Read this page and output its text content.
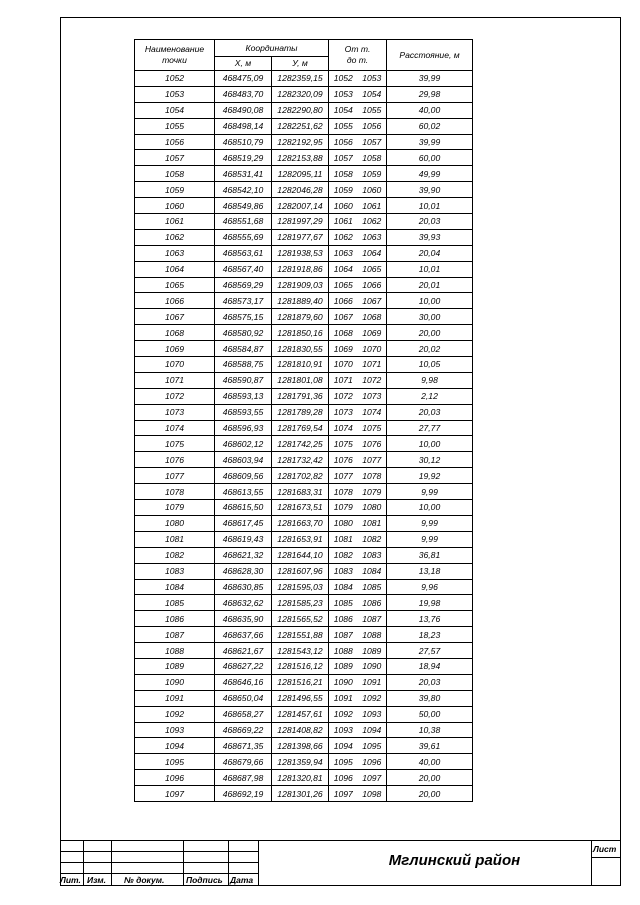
Наименование точки	Координаты		От т. до т.		Расстояние, м
	Х, м	У, м			
1052	468475,09	1282359,15	1052	1053	39,99
1053	468483,70	1282320,09	1053	1054	29,98
1054	468490,08	1282290,80	1054	1055	40,00
1055	468498,14	1282251,62	1055	1056	60,02
1056	468510,79	1282192,95	1056	1057	39,99
1057	468519,29	1282153,88	1057	1058	60,00
1058	468531,41	1282095,11	1058	1059	49,99
1059	468542,10	1282046,28	1059	1060	39,90
1060	468549,86	1282007,14	1060	1061	10,01
1061	468551,68	1281997,29	1061	1062	20,03
1062	468555,69	1281977,67	1062	1063	39,93
1063	468563,61	1281938,53	1063	1064	20,04
1064	468567,40	1281918,86	1064	1065	10,01
1065	468569,29	1281909,03	1065	1066	20,01
1066	468573,17	1281889,40	1066	1067	10,00
1067	468575,15	1281879,60	1067	1068	30,00
1068	468580,92	1281850,16	1068	1069	20,00
1069	468584,87	1281830,55	1069	1070	20,02
1070	468588,75	1281810,91	1070	1071	10,05
1071	468590,87	1281801,08	1071	1072	9,98
1072	468593,13	1281791,36	1072	1073	2,12
1073	468593,55	1281789,28	1073	1074	20,03
1074	468596,93	1281769,54	1074	1075	27,77
1075	468602,12	1281742,25	1075	1076	10,00
1076	468603,94	1281732,42	1076	1077	30,12
1077	468609,56	1281702,82	1077	1078	19,92
1078	468613,55	1281683,31	1078	1079	9,99
1079	468615,50	1281673,51	1079	1080	10,00
1080	468617,45	1281663,70	1080	1081	9,99
1081	468619,43	1281653,91	1081	1082	9,99
1082	468621,32	1281644,10	1082	1083	36,81
1083	468628,30	1281607,96	1083	1084	13,18
1084	468630,85	1281595,03	1084	1085	9,96
1085	468632,62	1281585,23	1085	1086	19,98
1086	468635,90	1281565,52	1086	1087	13,76
1087	468637,66	1281551,88	1087	1088	18,23
1088	468621,67	1281543,12	1088	1089	27,57
1089	468627,22	1281516,12	1089	1090	18,94
1090	468646,16	1281516,21	1090	1091	20,03
1091	468650,04	1281496,55	1091	1092	39,80
1092	468658,27	1281457,61	1092	1093	50,00
1093	468669,22	1281408,82	1093	1094	10,38
1094	468671,35	1281398,66	1094	1095	39,61
1095	468679,66	1281359,94	1095	1096	40,00
1096	468687,98	1281320,81	1096	1097	20,00
1097	468692,19	1281301,26	1097	1098	20,00
Лит. Изм. № докум.	Подпись Дата
Лист
Мглинский район
